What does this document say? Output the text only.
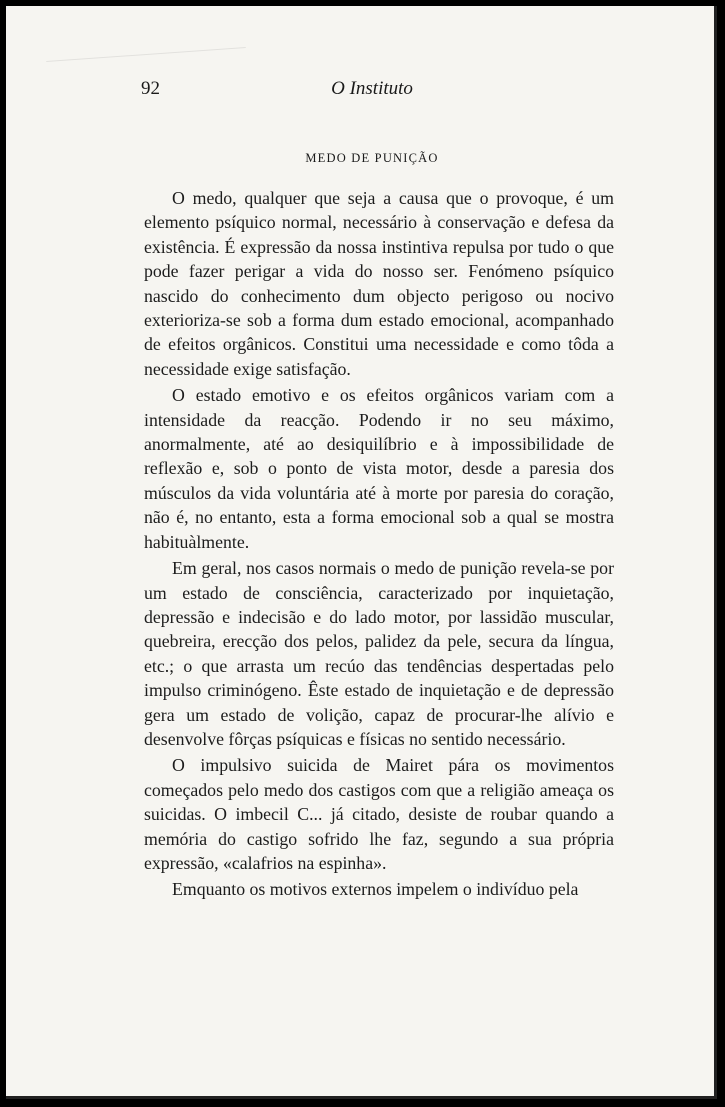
92	O Instituto
MEDO DE PUNIÇÃO

O medo, qualquer que seja a causa que o provoque, é um elemento psíquico normal, necessário à conservação e defesa da existência. É expressão da nossa instintiva repulsa por tudo o que pode fazer perigar a vida do nosso ser. Fenómeno psíquico nascido do conhecimento dum objecto perigoso ou nocivo exterioriza-se sob a forma dum estado emocional, acompanhado de efeitos orgânicos. Constitui uma necessidade e como tôda a necessidade exige satisfação.

O estado emotivo e os efeitos orgânicos variam com a intensidade da reacção. Podendo ir no seu máximo, anormalmente, até ao desiquilíbrio e à impossibilidade de reflexão e, sob o ponto de vista motor, desde a paresia dos músculos da vida voluntária até à morte por paresia do coração, não é, no entanto, esta a forma emocional sob a qual se mostra habituàlmente.

Em geral, nos casos normais o medo de punição revela-se por um estado de consciência, caracterizado por inquietação, depressão e indecisão e do lado motor, por lassidão muscular, quebreira, erecção dos pelos, palidez da pele, secura da língua, etc.; o que arrasta um recúo das tendências despertadas pelo impulso criminógeno. Êste estado de inquietação e de depressão gera um estado de volição, capaz de procurar-lhe alívio e desenvolve fôrças psíquicas e físicas no sentido necessário.

O impulsivo suicida de Mairet pára os movimentos começados pelo medo dos castigos com que a religião ameaça os suicidas. O imbecil C... já citado, desiste de roubar quando a memória do castigo sofrido lhe faz, segundo a sua própria expressão, «calafrios na espinha».

Emquanto os motivos externos impelem o indivíduo pela
